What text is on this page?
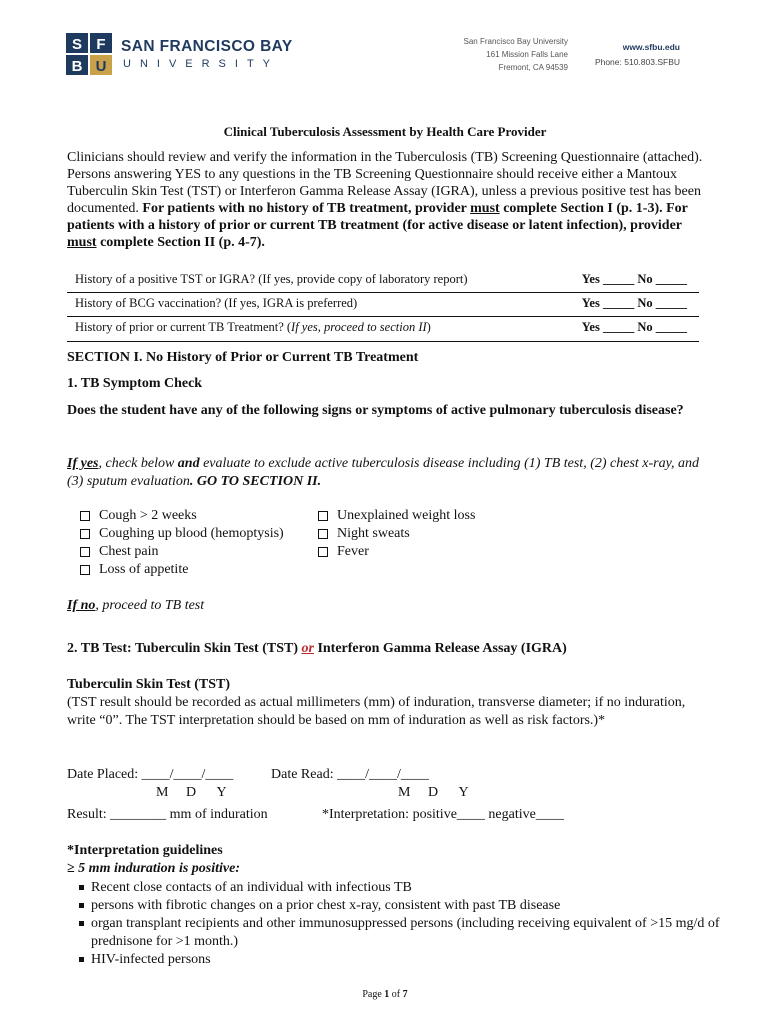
S F
B U
SAN FRANCISCO BAY
UNIVERSITY
San Francisco Bay University
161 Mission Falls Lane
Fremont, CA 94539
www.sfbu.edu
Phone: 510.803.SFBU
Clinical Tuberculosis Assessment by Health Care Provider
Clinicians should review and verify the information in the Tuberculosis (TB) Screening Questionnaire (attached). Persons answering YES to any questions in the TB Screening Questionnaire should receive either a Mantoux Tuberculin Skin Test (TST) or Interferon Gamma Release Assay (IGRA), unless a previous positive test has been documented. For patients with no history of TB treatment, provider must complete Section I (p. 1-3). For patients with a history of prior or current TB treatment (for active disease or latent infection), provider must complete Section II (p. 4-7).
History of a positive TST or IGRA? (If yes, provide copy of laboratory report)	Yes _____ No _____
History of BCG vaccination? (If yes, IGRA is preferred)	Yes _____ No _____
History of prior or current TB Treatment? (If yes, proceed to section II)	Yes _____ No _____
SECTION I. No History of Prior or Current TB Treatment
1. TB Symptom Check
Does the student have any of the following signs or symptoms of active pulmonary tuberculosis disease?
If yes, check below and evaluate to exclude active tuberculosis disease including (1) TB test, (2) chest x-ray, and (3) sputum evaluation. GO TO SECTION II.
Cough > 2 weeks
Coughing up blood (hemoptysis)
Chest pain
Loss of appetite
Unexplained weight loss
Night sweats
Fever
If no, proceed to TB test
2. TB Test: Tuberculin Skin Test (TST) or Interferon Gamma Release Assay (IGRA)
Tuberculin Skin Test (TST)
(TST result should be recorded as actual millimeters (mm) of induration, transverse diameter; if no induration, write “0”. The TST interpretation should be based on mm of induration as well as risk factors.)*
Date Placed: ____/____/____	Date Read: ____/____/____
M     D      Y	M     D      Y
Result: ________ mm of induration	*Interpretation: positive____ negative____
*Interpretation guidelines
≥ 5 mm induration is positive:
Recent close contacts of an individual with infectious TB
persons with fibrotic changes on a prior chest x-ray, consistent with past TB disease
organ transplant recipients and other immunosuppressed persons (including receiving equivalent of >15 mg/d of prednisone for >1 month.)
HIV-infected persons
Page 1 of 7
